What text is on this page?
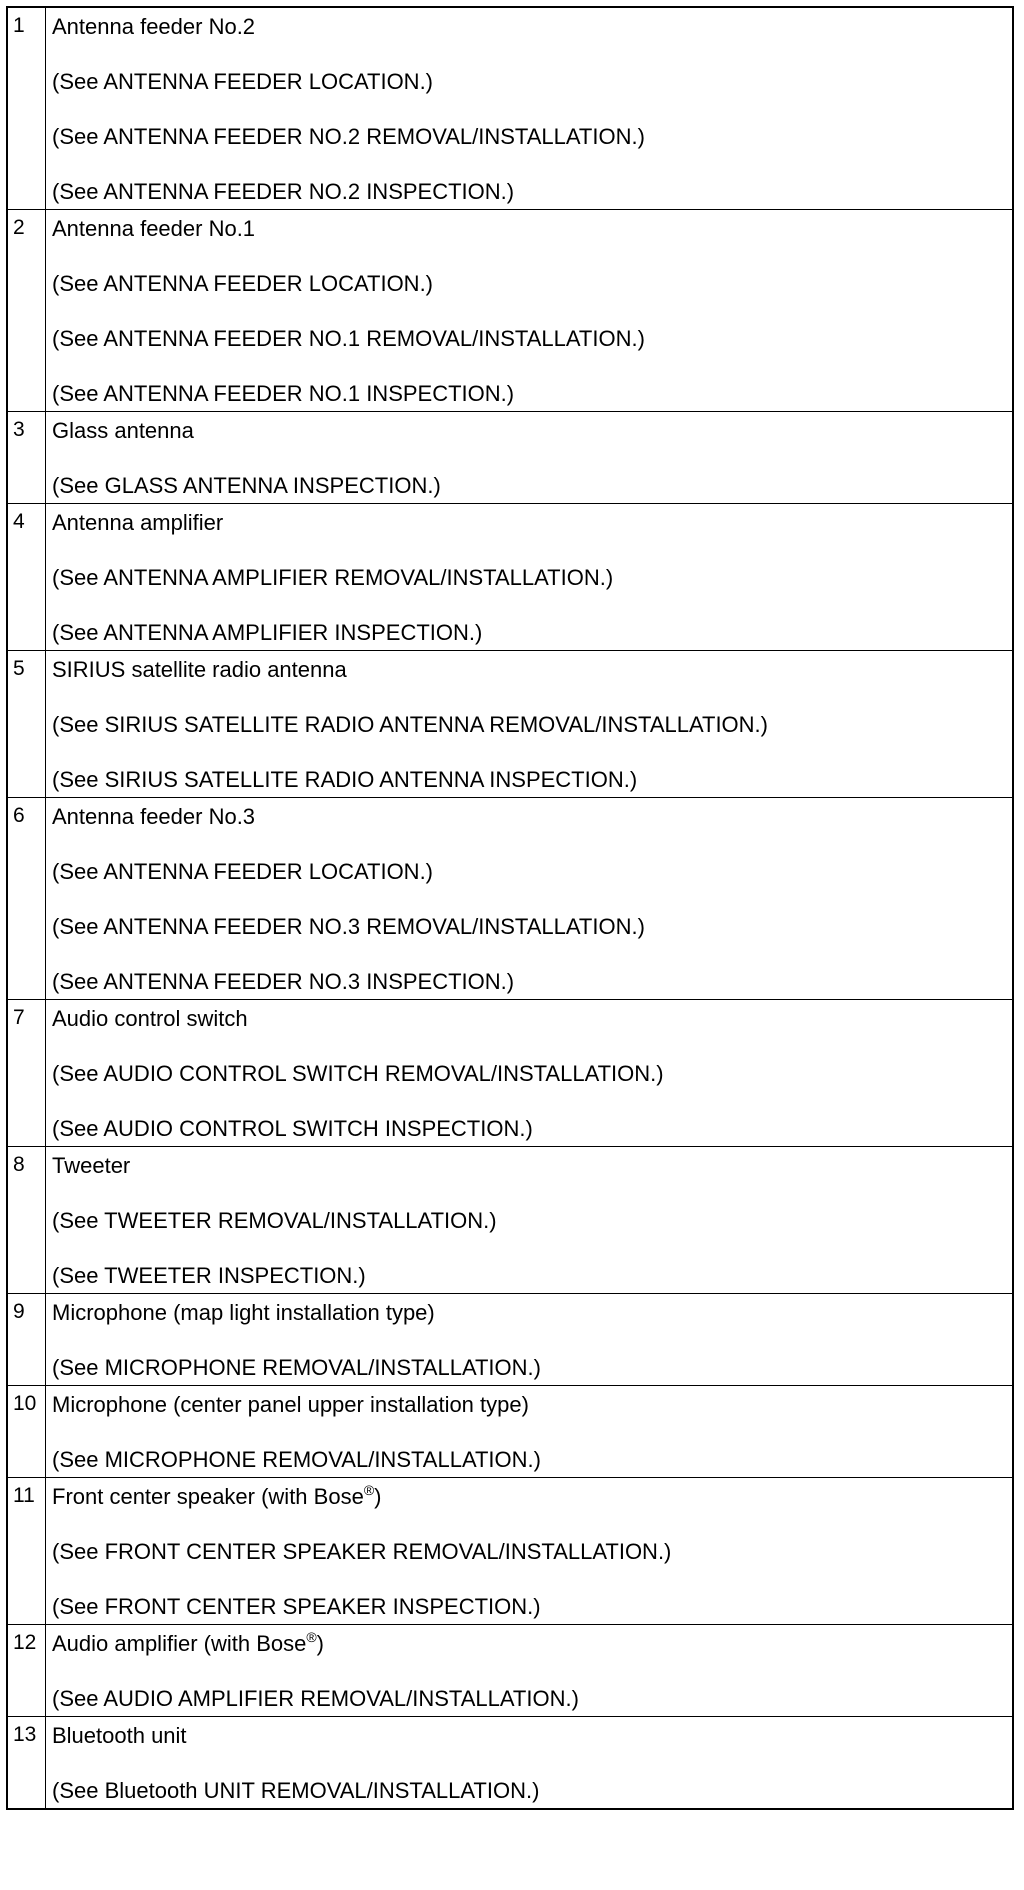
1	Antenna feeder No.2
(See ANTENNA FEEDER LOCATION.)
(See ANTENNA FEEDER NO.2 REMOVAL/INSTALLATION.)
(See ANTENNA FEEDER NO.2 INSPECTION.)
2	Antenna feeder No.1
(See ANTENNA FEEDER LOCATION.)
(See ANTENNA FEEDER NO.1 REMOVAL/INSTALLATION.)
(See ANTENNA FEEDER NO.1 INSPECTION.)
3	Glass antenna
(See GLASS ANTENNA INSPECTION.)
4	Antenna amplifier
(See ANTENNA AMPLIFIER REMOVAL/INSTALLATION.)
(See ANTENNA AMPLIFIER INSPECTION.)
5	SIRIUS satellite radio antenna
(See SIRIUS SATELLITE RADIO ANTENNA REMOVAL/INSTALLATION.)
(See SIRIUS SATELLITE RADIO ANTENNA INSPECTION.)
6	Antenna feeder No.3
(See ANTENNA FEEDER LOCATION.)
(See ANTENNA FEEDER NO.3 REMOVAL/INSTALLATION.)
(See ANTENNA FEEDER NO.3 INSPECTION.)
7	Audio control switch
(See AUDIO CONTROL SWITCH REMOVAL/INSTALLATION.)
(See AUDIO CONTROL SWITCH INSPECTION.)
8	Tweeter
(See TWEETER REMOVAL/INSTALLATION.)
(See TWEETER INSPECTION.)
9	Microphone (map light installation type)
(See MICROPHONE REMOVAL/INSTALLATION.)
10 Microphone (center panel upper installation type)
(See MICROPHONE REMOVAL/INSTALLATION.)
11 Front center speaker (with Bose®)
(See FRONT CENTER SPEAKER REMOVAL/INSTALLATION.)
(See FRONT CENTER SPEAKER INSPECTION.)
12 Audio amplifier (with Bose®)
(See AUDIO AMPLIFIER REMOVAL/INSTALLATION.)
13 Bluetooth unit
(See Bluetooth UNIT REMOVAL/INSTALLATION.)
